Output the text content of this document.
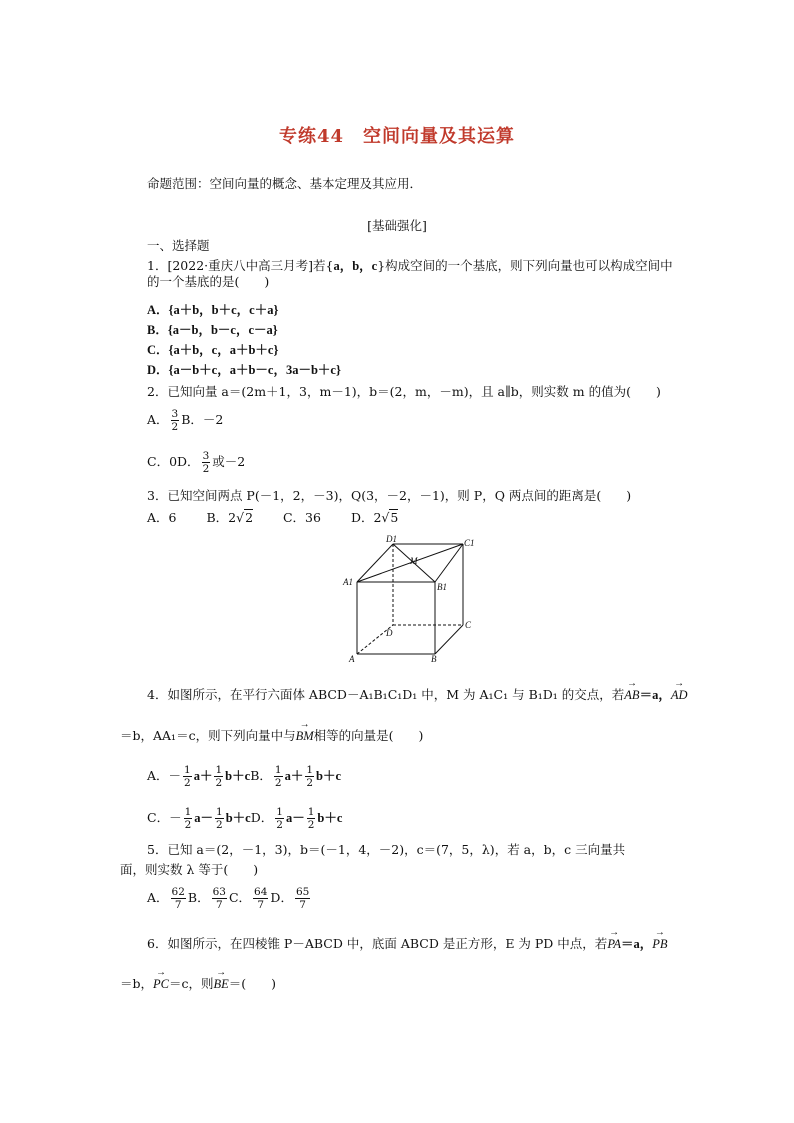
专练44　空间向量及其运算
命题范围：空间向量的概念、基本定理及其应用．
[基础强化]
一、选择题
1．[2022·重庆八中高三月考]若{a，b，c}构成空间的一个基底，则下列向量也可以构成空间中的一个基底的是(　　)
A．{a＋b，b＋c，c＋a}
B．{a－b，b－c，c－a}
C．{a＋b，c，a＋b＋c}
D．{a－b＋c，a＋b－c，3a－b＋c}
2．已知向量 a＝(2m＋1，3，m－1)，b＝(2，m，－m)，且 a∥b，则实数 m 的值为(　　)
A． $\frac{3}{2}$ B．－2
C．0D． $\frac{3}{2}$ 或－2
3．已知空间两点 P(－1，2，－3)，Q(3，－2，－1)，则 P，Q 两点间的距离是(　　)
A．6 B．2√2 C．36 D．2√5
D1	C1
M
A1	B1
D
C
A	B
4．如图所示，在平行六面体 ABCD－A₁B₁C₁D₁ 中，M 为 A₁C₁ 与 B₁D₁ 的交点，若→ AB＝a，→ AD
＝b，AA₁＝c，则下列向量中与→ BM相等的向量是(　　)
A．－ $\frac{1}{2} a+ \frac{1}{2} b+cB$． $\frac{1}{2} a+ \frac{1}{2} b+c$
C．－ $\frac{1}{2} a- \frac{1}{2} b+cD$． $\frac{1}{2} a- \frac{1}{2} b+c$
5．已知 a＝(2，－1，3)，b＝(－1，4，－2)，c＝(7，5，λ)，若 a，b，c 三向量共
面，则实数 λ 等于(　　)
A． $\frac{62}{7}$ B． $\frac{63}{7}$ C． $\frac{64}{7}$ D． $\frac{65}{7}$
6．如图所示，在四棱锥 P－ABCD 中，底面 ABCD 是正方形，E 为 PD 中点，若→ PA＝a，→ PB
＝b，→ PC＝c，则→ BE＝(　　)
